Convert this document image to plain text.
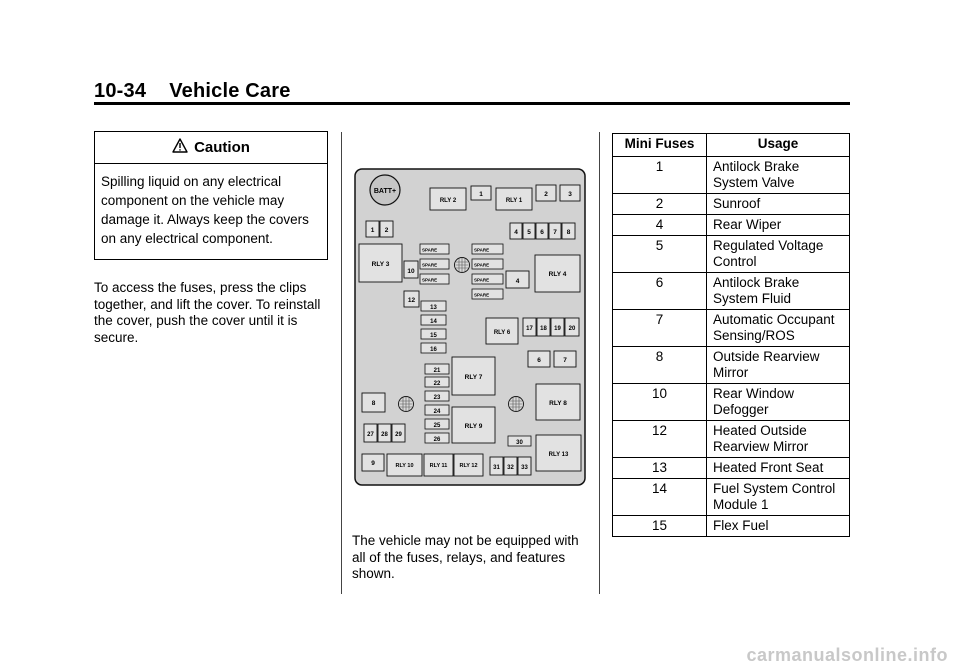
10-34 Vehicle Care
Caution
Spilling liquid on any electrical component on the vehicle may damage it. Always keep the covers on any electrical component.
To access the fuses, press the clips together, and lift the cover. To reinstall the cover, push the cover until it is secure.
BATT+
RLY 2
1
RLY 1
2	3
1 2	4 5 6 7 8
RLY 3
10
SPARE
SPARE
SPARE
SPARE
SPARE
SPARE
SPARE
4
RLY 4
12
13
14
15
16
RLY 6
17 18 19 20
6	7
21
22
23
24
25
26
RLY 7
RLY 9
RLY 8
8
27 28 29
30
RLY 13
9	RLY 10	RLY 11 RLY 12	31 32 33
The vehicle may not be equipped with all of the fuses, relays, and features shown.
Mini Fuses	Usage
1	Antilock Brake System Valve
2	Sunroof
4	Rear Wiper
5	Regulated Voltage Control
6	Antilock Brake System Fluid
7	Automatic Occupant Sensing/ROS
8	Outside Rearview Mirror
10	Rear Window Defogger
12	Heated Outside Rearview Mirror
13	Heated Front Seat
14	Fuel System Control Module 1
15	Flex Fuel
carmanualsonline.info
